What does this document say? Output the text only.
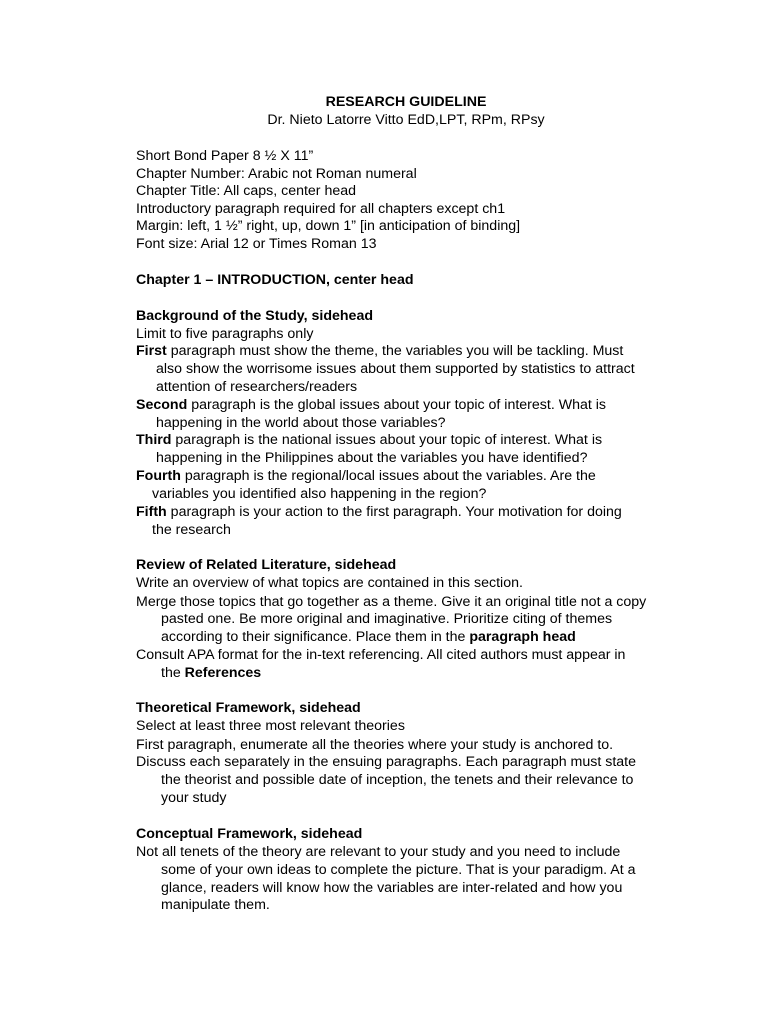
RESEARCH GUIDELINE
Dr. Nieto Latorre Vitto EdD,LPT, RPm, RPsy
Short Bond Paper 8 ½ X 11”
Chapter Number: Arabic not Roman numeral
Chapter Title: All caps, center head
Introductory paragraph required for all chapters except ch1
Margin: left, 1 ½” right, up, down 1” [in anticipation of binding]
Font size: Arial 12 or Times Roman 13
Chapter 1 – INTRODUCTION, center head
Background of the Study, sidehead
Limit to five paragraphs only
First paragraph must show the theme, the variables you will be tackling. Must
also show the worrisome issues about them supported by statistics to attract
attention of researchers/readers
Second paragraph is the global issues about your topic of interest. What is
happening in the world about those variables?
Third paragraph is the national issues about your topic of interest. What is
happening in the Philippines about the variables you have identified?
Fourth paragraph is the regional/local issues about the variables. Are the
variables you identified also happening in the region?
Fifth paragraph is your action to the first paragraph. Your motivation for doing
the research
Review of Related Literature, sidehead
Write an overview of what topics are contained in this section.
Merge those topics that go together as a theme. Give it an original title not a copy
pasted one. Be more original and imaginative. Prioritize citing of themes
according to their significance. Place them in the paragraph head
Consult APA format for the in-text referencing. All cited authors must appear in
the References
Theoretical Framework, sidehead
Select at least three most relevant theories
First paragraph, enumerate all the theories where your study is anchored to.
Discuss each separately in the ensuing paragraphs. Each paragraph must state
the theorist and possible date of inception, the tenets and their relevance to
your study
Conceptual Framework, sidehead
Not all tenets of the theory are relevant to your study and you need to include
some of your own ideas to complete the picture. That is your paradigm. At a
glance, readers will know how the variables are inter-related and how you
manipulate them.
